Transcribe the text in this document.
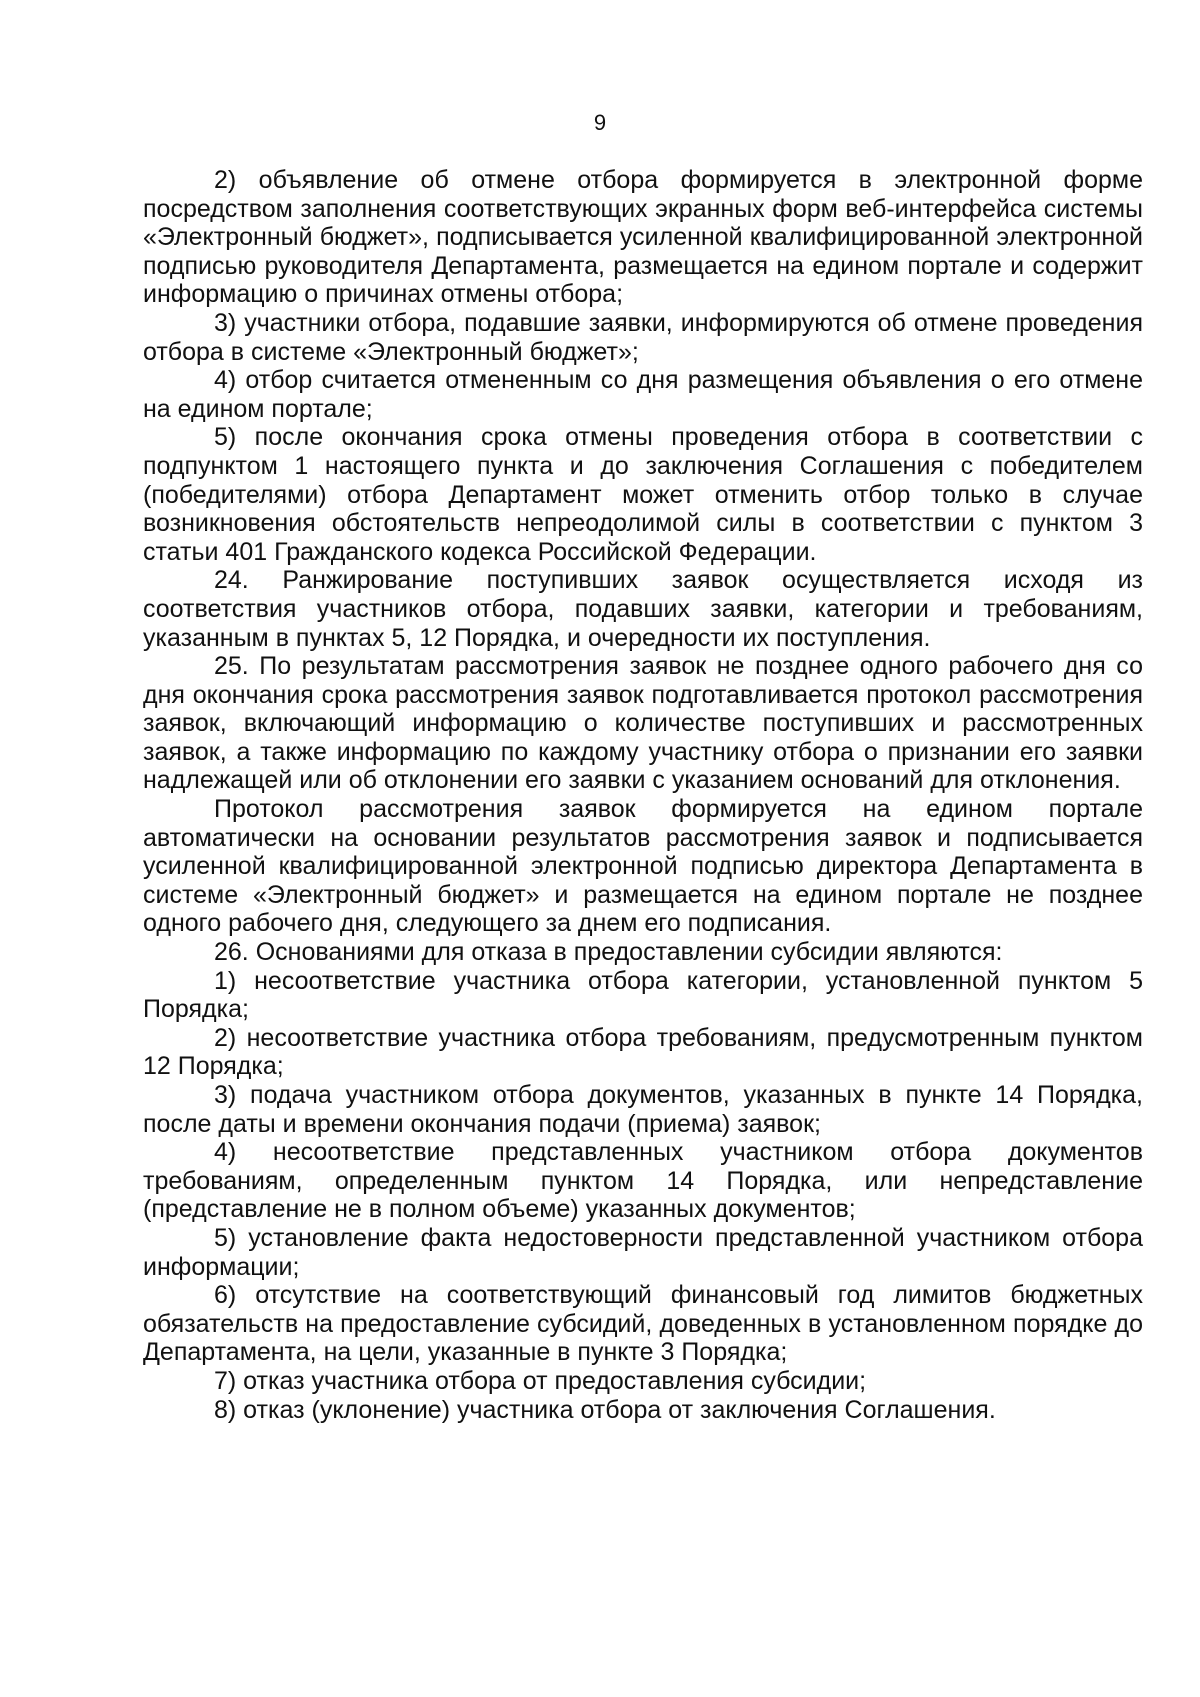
9

2) объявление об отмене отбора формируется в электронной форме посредством заполнения соответствующих экранных форм веб-интерфейса системы «Электронный бюджет», подписывается усиленной квалифицированной электронной подписью руководителя Департамента, размещается на едином портале и содержит информацию о причинах отмены отбора;

3) участники отбора, подавшие заявки, информируются об отмене проведения отбора в системе «Электронный бюджет»;

4) отбор считается отмененным со дня размещения объявления о его отмене на едином портале;

5) после окончания срока отмены проведения отбора в соответствии с подпунктом 1 настоящего пункта и до заключения Соглашения с победителем (победителями) отбора Департамент может отменить отбор только в случае возникновения обстоятельств непреодолимой силы в соответствии с пунктом 3 статьи 401 Гражданского кодекса Российской Федерации.

24. Ранжирование поступивших заявок осуществляется исходя из соответствия участников отбора, подавших заявки, категории и требованиям, указанным в пунктах 5, 12 Порядка, и очередности их поступления.

25. По результатам рассмотрения заявок не позднее одного рабочего дня со дня окончания срока рассмотрения заявок подготавливается протокол рассмотрения заявок, включающий информацию о количестве поступивших и рассмотренных заявок, а также информацию по каждому участнику отбора о признании его заявки надлежащей или об отклонении его заявки с указанием оснований для отклонения.

Протокол рассмотрения заявок формируется на едином портале автоматически на основании результатов рассмотрения заявок и подписывается усиленной квалифицированной электронной подписью директора Департамента в системе «Электронный бюджет» и размещается на едином портале не позднее одного рабочего дня, следующего за днем его подписания.

26. Основаниями для отказа в предоставлении субсидии являются:

1) несоответствие участника отбора категории, установленной пунктом 5 Порядка;

2) несоответствие участника отбора требованиям, предусмотренным пунктом 12 Порядка;

3) подача участником отбора документов, указанных в пункте 14 Порядка, после даты и времени окончания подачи (приема) заявок;

4) несоответствие представленных участником отбора документов требованиям, определенным пунктом 14 Порядка, или непредставление (представление не в полном объеме) указанных документов;

5) установление факта недостоверности представленной участником отбора информации;

6) отсутствие на соответствующий финансовый год лимитов бюджетных обязательств на предоставление субсидий, доведенных в установленном порядке до Департамента, на цели, указанные в пункте 3 Порядка;

7) отказ участника отбора от предоставления субсидии;

8) отказ (уклонение) участника отбора от заключения Соглашения.
